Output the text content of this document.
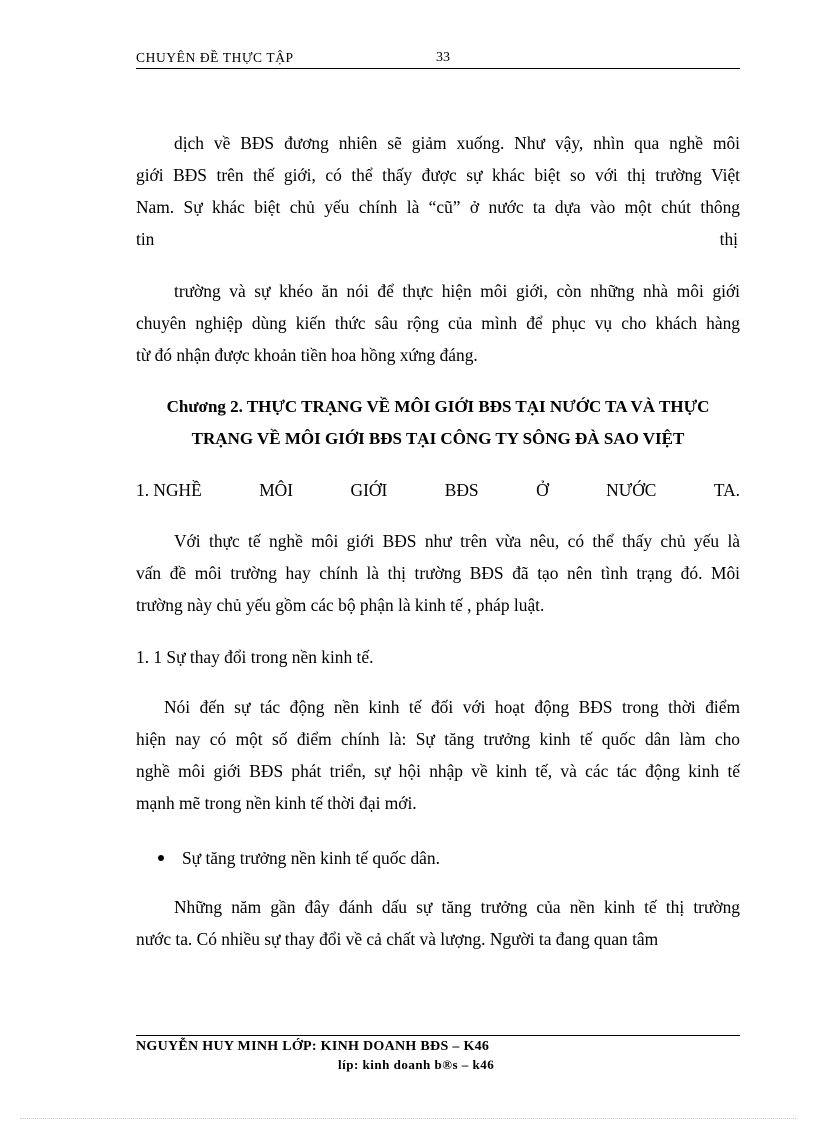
CHUYÊN ĐỀ THỰC TẬP	33
dịch về BĐS đương nhiên sẽ giảm xuống. Như vậy, nhìn qua nghề môi
giới BĐS trên thế giới, có thể thấy được sự khác biệt so với thị trường Việt
Nam. Sự khác biệt chủ yếu chính là “cũ” ở nước ta dựa vào một chút thông
tin	thị
trường và sự khéo ăn nói để thực hiện môi giới, còn những nhà môi giới
chuyên nghiệp dùng kiến thức sâu rộng của mình để phục vụ cho khách hàng
từ đó nhận được khoản tiền hoa hồng xứng đáng.
Chương 2. THỰC TRẠNG VỀ MÔI GIỚI BĐS TẠI NƯỚC TA VÀ THỰC
TRẠNG VỀ MÔI GIỚI BĐS TẠI CÔNG TY SÔNG ĐÀ SAO VIỆT
1. NGHỀ	MÔI	GIỚI	BĐS	Ở	NƯỚC	TA.
Với thực tế nghề môi giới BĐS như trên vừa nêu, có thể thấy chủ yếu là
vấn đề môi trường hay chính là thị trường BĐS đã tạo nên tình trạng đó. Môi
trường này chủ yếu gồm các bộ phận là kinh tế , pháp luật.
1. 1 Sự thay đổi trong nền kinh tế.
Nói đến sự tác động nền kinh tế đối với hoạt động BĐS trong thời điểm
hiện nay có một số điểm chính là: Sự tăng trưởng kinh tế quốc dân làm cho
nghề môi giới BĐS phát triển, sự hội nhập về kinh tế, và các tác động kinh tế
mạnh mẽ trong nền kinh tế thời đại mới.
Sự tăng trưởng nền kinh tế quốc dân.
Những năm gần đây đánh dấu sự tăng trưởng của nền kinh tế thị trường
nước ta. Có nhiều sự thay đổi về cả chất và lượng. Người ta đang quan tâm
NGUYỄN HUY MINH LỚP: KINH DOANH BĐS – K46
líp: kinh doanh b®s – k46
